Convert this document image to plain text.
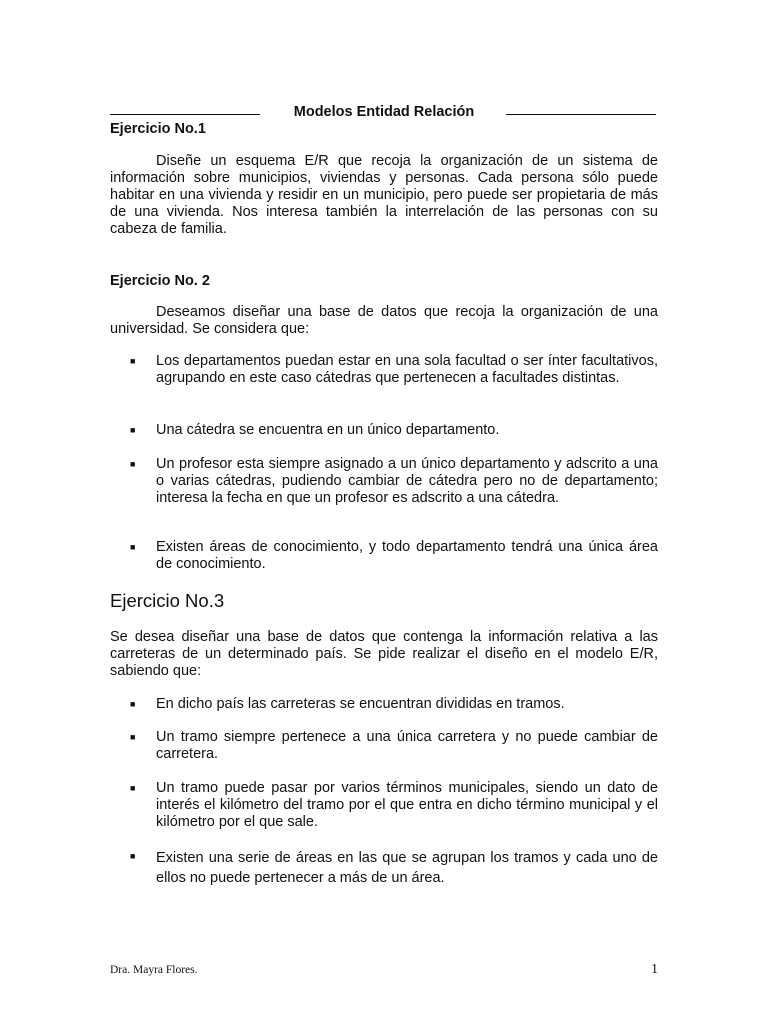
Modelos Entidad Relación
Ejercicio No.1

Diseñe un esquema E/R que recoja la organización de un sistema de información sobre municipios, viviendas y personas. Cada persona sólo puede habitar en una vivienda y residir en un municipio, pero puede ser propietaria de más de una vivienda. Nos interesa también la interrelación de las personas con su cabeza de familia.

Ejercicio No. 2

Deseamos diseñar una base de datos que recoja la organización de una universidad. Se considera que:

■ Los departamentos puedan estar en una sola facultad o ser ínter facultativos, agrupando en este caso cátedras que pertenecen a facultades distintas.
■ Una cátedra se encuentra en un único departamento.
■ Un profesor esta siempre asignado a un único departamento y adscrito a una o varias cátedras, pudiendo cambiar de cátedra pero no de departamento; interesa la fecha en que un profesor es adscrito a una cátedra.
■ Existen áreas de conocimiento, y todo departamento tendrá una única área de conocimiento.
Ejercicio No.3

Se desea diseñar una base de datos que contenga la información relativa a las carreteras de un determinado país. Se pide realizar el diseño en el modelo E/R, sabiendo que:

■ En dicho país las carreteras se encuentran divididas en tramos.
■ Un tramo siempre pertenece a una única carretera y no puede cambiar de carretera.
■ Un tramo puede pasar por varios términos municipales, siendo un dato de interés el kilómetro del tramo por el que entra en dicho término municipal y el kilómetro por el que sale.
■ Existen una serie de áreas en las que se agrupan los tramos y cada uno de ellos no puede pertenecer a más de un área.
Dra. Mayra Flores.	1
